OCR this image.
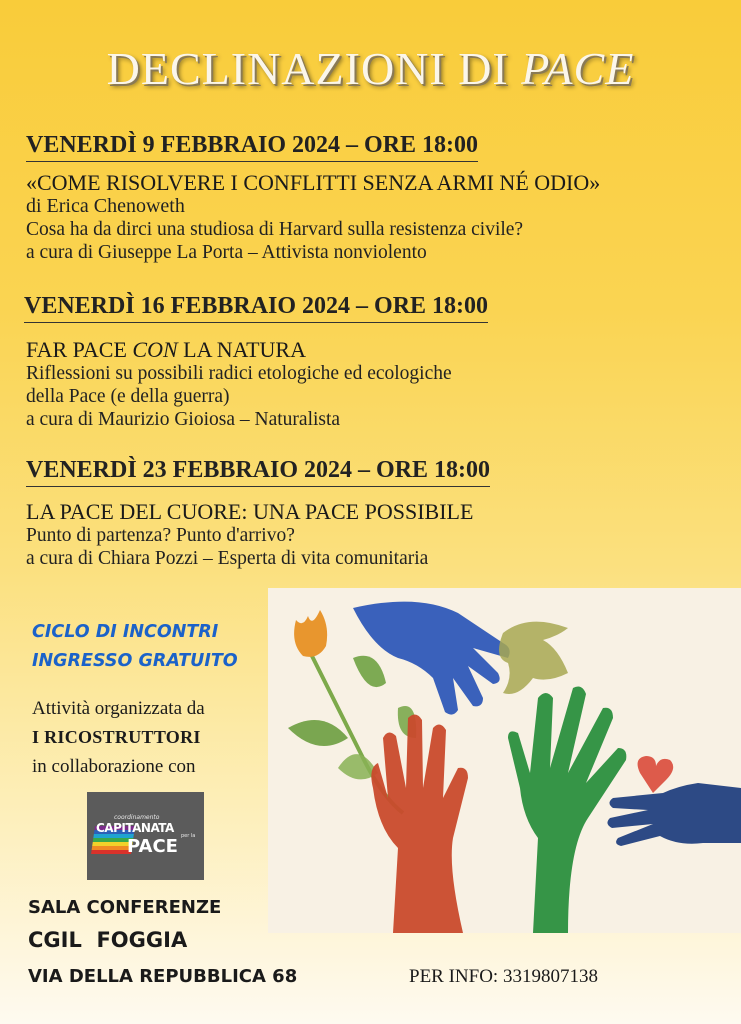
DECLINAZIONI DI PACE
VENERDÌ 9 FEBBRAIO 2024 – ORE 18:00
«COME RISOLVERE I CONFLITTI SENZA ARMI NÉ ODIO»
di Erica Chenoweth
Cosa ha da dirci una studiosa di Harvard sulla resistenza civile?
a cura di Giuseppe La Porta – Attivista nonviolento
VENERDÌ 16 FEBBRAIO 2024 – ORE 18:00
FAR PACE CON LA NATURA
Riflessioni su possibili radici etologiche ed ecologiche
della Pace (e della guerra)
a cura di Maurizio Gioiosa – Naturalista
VENERDÌ 23 FEBBRAIO 2024 – ORE 18:00
LA PACE DEL CUORE: UNA PACE POSSIBILE
Punto di partenza? Punto d'arrivo?
a cura di Chiara Pozzi – Esperta di vita comunitaria
CICLO DI INCONTRI
INGRESSO GRATUITO
Attività organizzata da
I RICOSTRUTTORI
in collaborazione con
coordinamento
CAPITANATA
per la
PACE
SALA CONFERENZE
CGIL  FOGGIA
VIA DELLA REPUBBLICA 68	PER INFO: 3319807138
